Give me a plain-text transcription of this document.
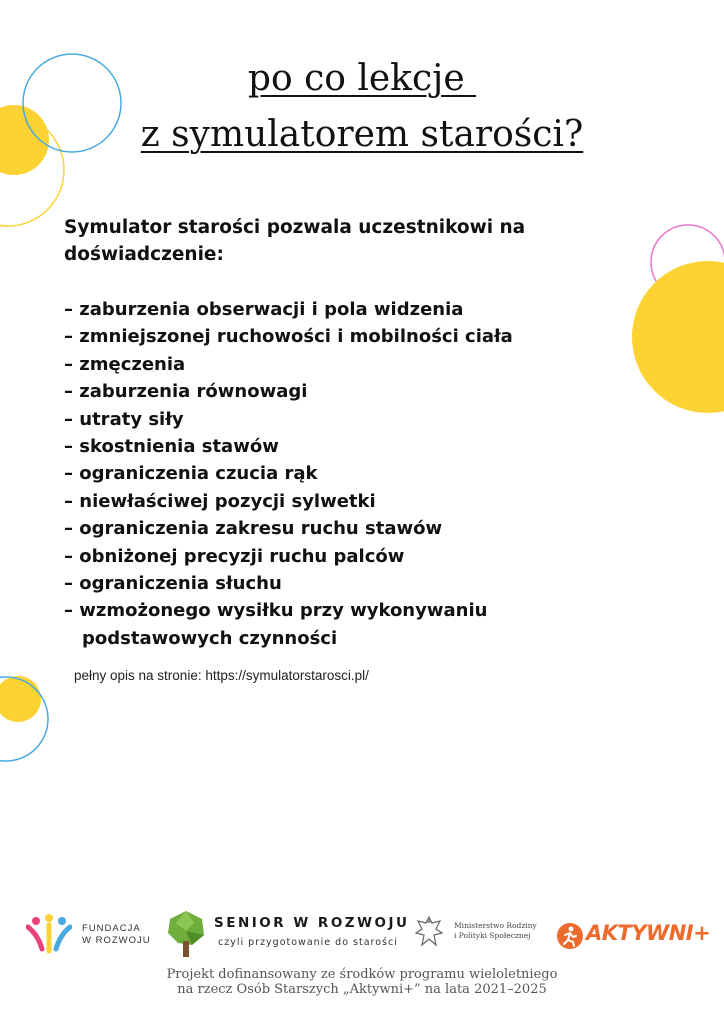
po co lekcje
z symulatorem starości?

Symulator starości pozwala uczestnikowi na doświadczenie:

– zaburzenia obserwacji i pola widzenia
– zmniejszonej ruchowości i mobilności ciała
– zmęczenia
– zaburzenia równowagi
– utraty siły
– skostnienia stawów
– ograniczenia czucia rąk
– niewłaściwej pozycji sylwetki
– ograniczenia zakresu ruchu stawów
– obniżonej precyzji ruchu palców
– ograniczenia słuchu
– wzmożonego wysiłku przy wykonywaniu
podstawowych czynności

pełny opis na stronie: https://symulatorstarosci.pl/

FUNDACJA
W ROZWOJU
SENIOR W ROZWOJU
czyli przygotowanie do starości
Ministerstwo Rodziny
i Polityki Społecznej	AKTYWNI+

Projekt dofinansowany ze środków programu wieloletniego
na rzecz Osób Starszych „Aktywni+” na lata 2021–2025
